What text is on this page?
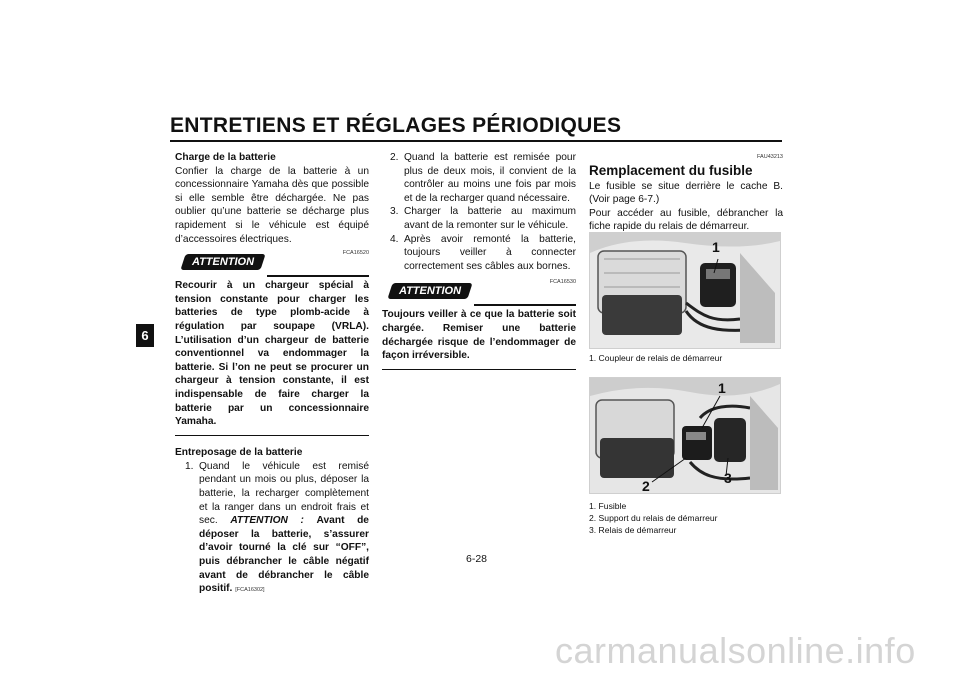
ENTRETIENS ET RÉGLAGES PÉRIODIQUES
6

Charge de la batterie

Confier la charge de la batterie à un concessionnaire Yamaha dès que possible si elle semble être déchargée. Ne pas oublier qu’une batterie se décharge plus rapidement si le véhicule est équipé d’accessoires électriques.

ATTENTION
FCA16520

Recourir à un chargeur spécial à tension constante pour charger les batteries de type plomb-acide à régulation par soupape (VRLA). L’utilisation d’un chargeur de batterie conventionnel va endommager la batterie. Si l’on ne peut se procurer un chargeur à tension constante, il est indispensable de faire charger la batterie par un concessionnaire Yamaha.

Entreposage de la batterie

1. Quand le véhicule est remisé pendant un mois ou plus, déposer la batterie, la recharger complètement et la ranger dans un endroit frais et sec. ATTENTION : Avant de déposer la batterie, s’assurer d’avoir tourné la clé sur “OFF”, puis débrancher le câble négatif avant de débrancher le câble positif. [FCA16302]
2. Quand la batterie est remisée pour plus de deux mois, il convient de la contrôler au moins une fois par mois et de la recharger quand nécessaire.
3. Charger la batterie au maximum avant de la remonter sur le véhicule.
4. Après avoir remonté la batterie, toujours veiller à connecter correctement ses câbles aux bornes.
ATTENTION
FCA16530

Toujours veiller à ce que la batterie soit chargée. Remiser une batterie déchargée risque de l’endommager de façon irréversible.

FAU43213

Remplacement du fusible

Le fusible se situe derrière le cache B. (Voir page 6-7.)

Pour accéder au fusible, débrancher la fiche rapide du relais de démarreur.

1
1. Coupleur de relais de démarreur
1
2	3
1. Fusible
2. Support du relais de démarreur
3. Relais de démarreur
6-28
carmanualsonline.info
